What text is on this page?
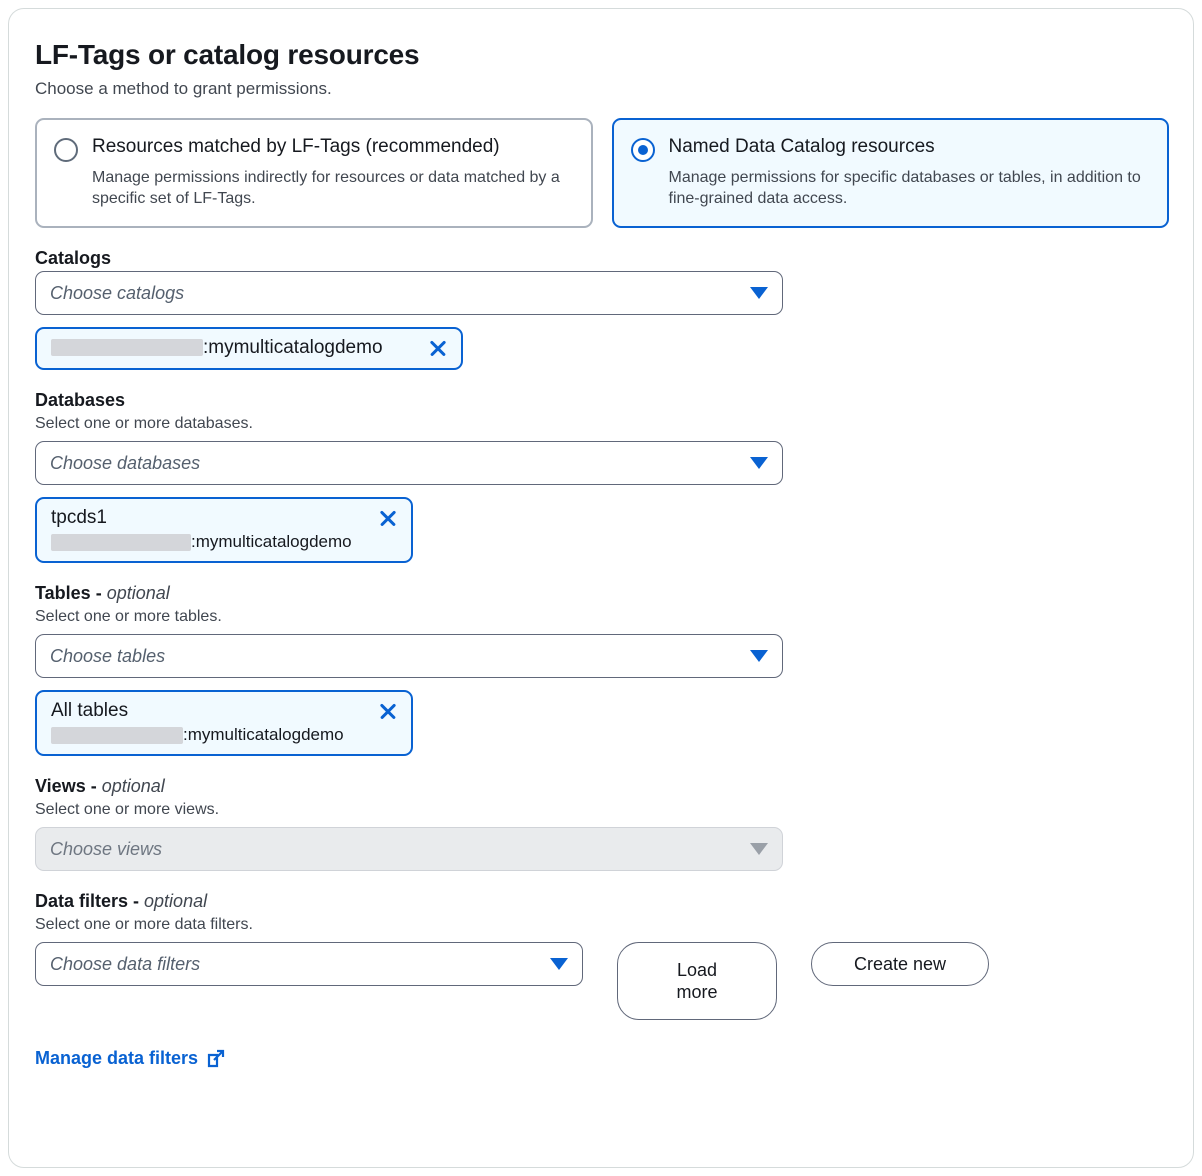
LF-Tags or catalog resources
Choose a method to grant permissions.
Resources matched by LF-Tags (recommended)
Manage permissions indirectly for resources or data matched by a specific set of LF-Tags.
Named Data Catalog resources
Manage permissions for specific databases or tables, in addition to fine-grained data access.
Catalogs
Choose catalogs
:mymulticatalogdemo
Databases
Select one or more databases.
Choose databases
tpcds1
:mymulticatalogdemo
Tables - optional
Select one or more tables.
Choose tables
All tables
:mymulticatalogdemo
Views - optional
Select one or more views.
Choose views
Data filters - optional
Select one or more data filters.
Choose data filters	Load
more
Create new
Manage data filters
